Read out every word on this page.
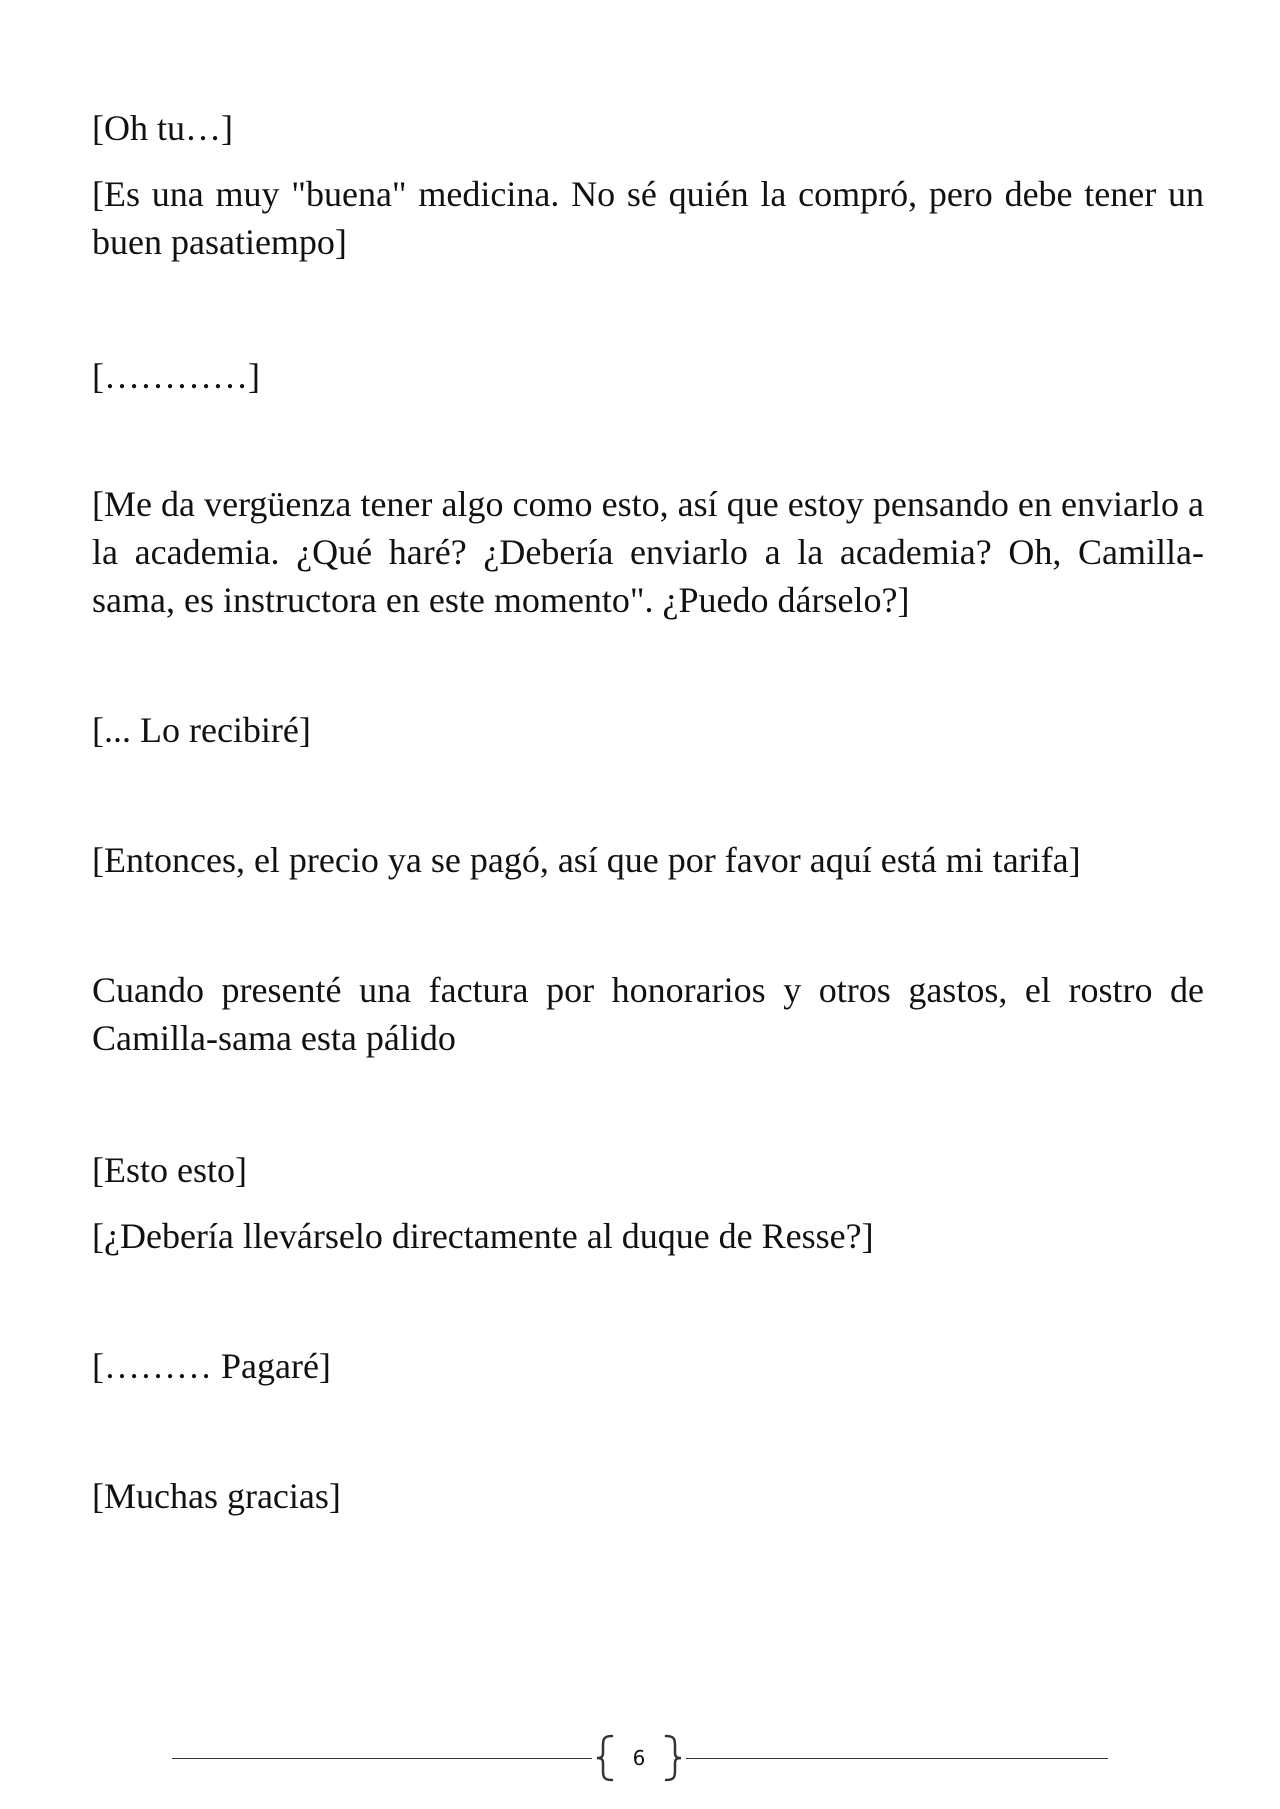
[Oh tu…]

[Es una muy "buena" medicina. No sé quién la compró, pero debe tener un buen pasatiempo]

[…………]

[Me da vergüenza tener algo como esto, así que estoy pensando en enviarlo a la academia. ¿Qué haré? ¿Debería enviarlo a la academia? Oh, Camilla-sama, es instructora en este momento". ¿Puedo dárselo?]

[... Lo recibiré]

[Entonces, el precio ya se pagó, así que por favor aquí está mi tarifa]

Cuando presenté una factura por honorarios y otros gastos, el rostro de Camilla-sama esta pálido

[Esto esto]

[¿Debería llevárselo directamente al duque de Resse?]

[……… Pagaré]

[Muchas gracias]

6
